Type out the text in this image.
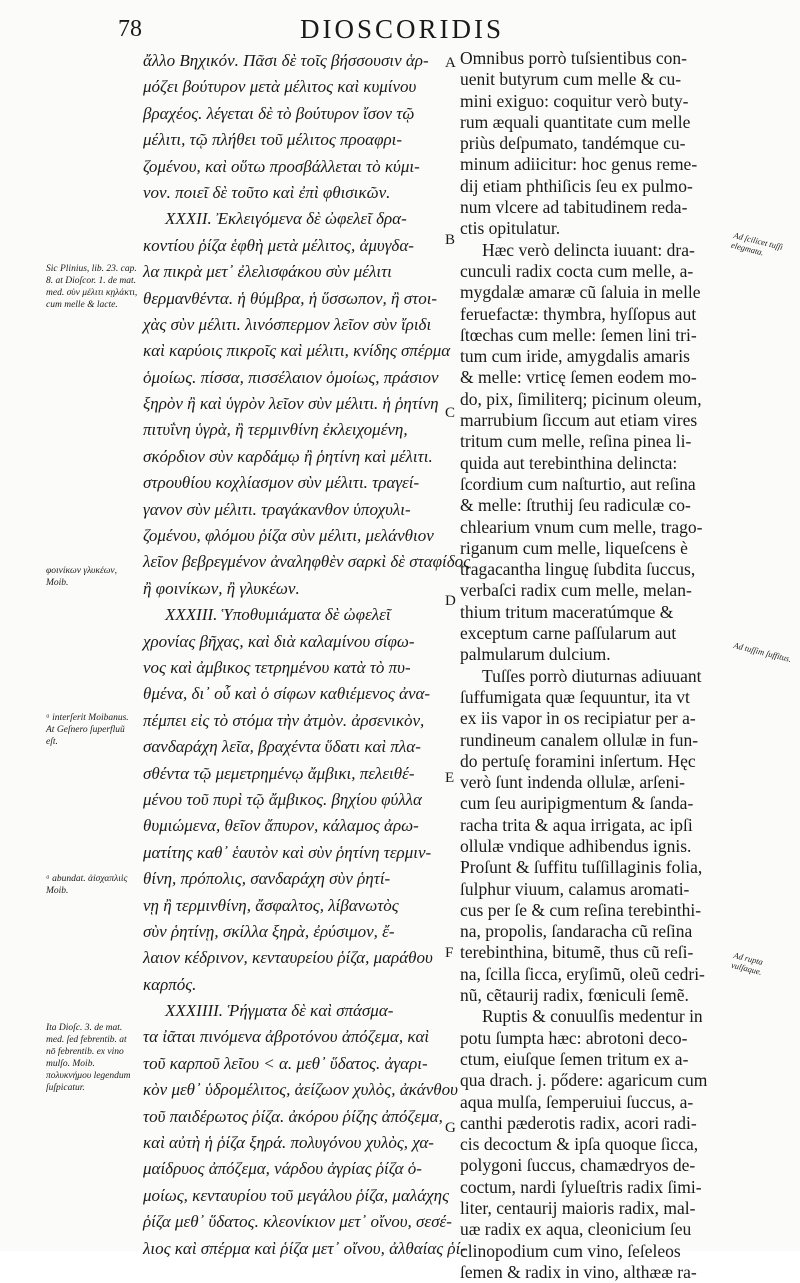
78	DIOSCORIDIS
ἄλλο Βηχικόν. Πᾶσι δὲ τοῖς βήσσουσιν ἁρ-
μόζει βούτυρον μετὰ μέλιτος καὶ κυμίνου
βραχέος. λέγεται δὲ τὸ βούτυρον ἴσον τῷ
μέλιτι, τῷ πλήθει τοῦ μέλιτος προαφρι-
ζομένου, καὶ οὕτω προσβάλλεται τὸ κύμι-
νον. ποιεῖ δὲ τοῦτο καὶ ἐπὶ φθισικῶν.
XXXII. Ἐκλειγόμενα δὲ ὠφελεῖ δρα-
κοντίου ῥίζα ἑφθὴ μετὰ μέλιτος, ἀμυγδα-
λα πικρὰ μετ᾽ ἐλελισφάκου σὺν μέλιτι
θερμανθέντα. ἡ θύμβρα, ἡ ὕσσωπον, ἢ στοι-
χὰς σὺν μέλιτι. λινόσπερμον λεῖον σὺν ἴριδι
καὶ καρύοις πικροῖς καὶ μέλιτι, κνίδης σπέρμα
ὁμοίως. πίσσα, πισσέλαιον ὁμοίως, πράσιον
ξηρὸν ἢ καὶ ὑγρὸν λεῖον σὺν μέλιτι. ἡ ῥητίνη
πιτυΐνη ὑγρὰ, ἢ τερμινθίνη ἐκλειχομένη,
σκόρδιον σὺν καρδάμῳ ἢ ῥητίνη καὶ μέλιτι.
στρουθίου κοχλίασμον σὺν μέλιτι. τραγεί-
γανον σὺν μέλιτι. τραγάκανθον ὑποχυλι-
ζομένου, φλόμου ῥίζα σὺν μέλιτι, μελάνθιον
λεῖον βεβρεγμένον ἀναληφθὲν σαρκὶ δὲ σταφίδος
ἢ φοινίκων, ἢ γλυκέων.
XXXIII. Ὑποθυμιάματα δὲ ὠφελεῖ
χρονίας βῆχας, καὶ διὰ καλαμίνου σίφω-
νος καὶ ἀμβικος τετρημένου κατὰ τὸ πυ-
θμένα, δι᾽ οὗ καὶ ὁ σίφων καθιέμενος ἀνα-
πέμπει εἰς τὸ στόμα τὴν ἀτμὸν. ἀρσενικὸν,
σανδαράχη λεῖα, βραχέντα ὕδατι καὶ πλα-
σθέντα τῷ μεμετρημένῳ ἄμβικι, πελειθέ-
μένου τοῦ πυρὶ τῷ ἄμβικος. βηχίου φύλλα
θυμιώμενα, θεῖον ἄπυρον, κάλαμος ἀρω-
ματίτης καθ᾽ ἑαυτὸν καὶ σὺν ῥητίνη τερμιν-
θίνη, πρόπολις, σανδαράχη σὺν ῥητί-
νῃ ἢ τερμινθίνη, ἄσφαλτος, λίβανωτὸς
σὺν ῥητίνῃ, σκίλλα ξηρὰ, ἐρύσιμον, ἔ-
λαιον κέδρινον, κενταυρείου ῥίζα, μαράθου
καρπός.
XXXIIII. Ῥήγματα δὲ καὶ σπάσμα-
τα ἰᾶται πινόμενα ἀβροτόνου ἀπόζεμα, καὶ
τοῦ καρποῦ λεῖου < α. μεθ᾽ ὕδατος. ἀγαρι-
κὸν μεθ᾽ ὑδρομέλιτος, ἀείζωον χυλὸς, ἀκάνθου
τοῦ παιδέρωτος ῥίζα. ἀκόρου ῥίζης ἀπόζεμα,
καὶ αὐτὴ ἡ ῥίζα ξηρά. πολυγόνου χυλὸς, χα-
μαίδρυος ἀπόζεμα, νάρδου ἀγρίας ῥίζα ὁ-
μοίως, κενταυρίου τοῦ μεγάλου ῥίζα, μαλάχης
ῥίζα μεθ᾽ ὕδατος. κλεονίκιον μετ᾽ οἴνου, σεσέ-
λιος καὶ σπέρμα καὶ ῥίζα μετ᾽ οἴνου, ἀλθαίας ῥί-
A
B
C
D
E
F
G
Omnibus porrò tuſsientibus con-
uenit butyrum cum melle & cu-
mini exiguo: coquitur verò buty-
rum æquali quantitate cum melle
priùs deſpumato, tandémque cu-
minum adiicitur: hoc genus reme-
dij etiam phthiſicis ſeu ex pulmo-
num vlcere ad tabitudinem redа-
ctis opitulatur.
Hæc verò delincta iuuant: dra-
cunculi radix cocta cum melle, a-
mygdalæ amaræ cũ ſaluia in melle
feruefactæ: thymbra, hyſſopus aut
ſtœchas cum melle: ſemen lini tri-
tum cum iride, amygdalis amaris
& melle: vrticę ſemen eodem mo-
do, pix, ſimiliterq; picinum oleum,
marrubium ſiccum aut etiam vires
tritum cum melle, reſina pinea li-
quida aut terebinthina delincta:
ſcordium cum naſturtio, aut reſina
& melle: ſtruthij ſeu radiculæ co-
chlearium vnum cum melle, trago-
riganum cum melle, liqueſcens è
tragacantha linguę ſubdita ſuccus,
verbaſci radix cum melle, melan-
thium tritum maceratúmque &
exceptum carne paſſularum aut
palmularum dulcium.
Tuſſes porrò diuturnas adiuuant
ſuffumigata quæ ſequuntur, ita vt
ex iis vapor in os recipiatur per a-
rundineum canalem ollulæ in fun-
do pertuſę foramini inſertum. Hęc
verò ſunt indenda ollulæ, arſeni-
cum ſeu auripigmentum & ſanda-
racha trita & aqua irrigata, ac ipſi
ollulæ vndique adhibendus ignis.
Proſunt & ſuffitu tuſſillaginis folia,
ſulphur viuum, calamus aromati-
cus per ſe & cum reſina terebinthi-
na, propolis, ſandaracha cũ reſina
terebinthina, bitumẽ, thus cũ reſi-
na, ſcilla ſicca, eryſimũ, oleũ cedri-
nũ, cẽtaurij radix, fœniculi ſemẽ.
Ruptis & conuulſis medentur in
potu ſumpta hæc: abrotoni deco-
ctum, eiuſque ſemen tritum ex a-
qua drach. j. pődere: agaricum cum
aqua mulſa, ſemperuiui ſuccus, a-
canthi pæderotis radix, acori radi-
cis decoctum & ipſa quoque ſicca,
polygoni ſuccus, chamædryos de-
coctum, nardi ſylueſtris radix ſimi-
liter, centaurij maioris radix, mal-
uæ radix ex aqua, cleonicium ſeu
clinopodium cum vino, ſeſeleos
ſemen & radix in vino, althææ ra-
Sic Plinius, lib. 23. cap. 8. at Dioſcor. 1. de mat. med. σὺν μέλιτι κῃλάκτι, cum melle & lacte.
φοινίκων γλυκέων, Moib.
ᵃ interſerit Moibanus. At Geſnero ſuperfluũ eſt.
ᵃ abundat. ἀἰσχαπλιὶς Moib.
Ita Dioſc. 3. de mat. med. ſed febrentib. at nō febrentib. ex vino mulſo. Moib. πολυκνήμου legendum ſuſpicatur.
Ad ſcilicet tuſſi elegmata.
Ad tuſſim ſuffitus.
Ad rupta vulſaque.
